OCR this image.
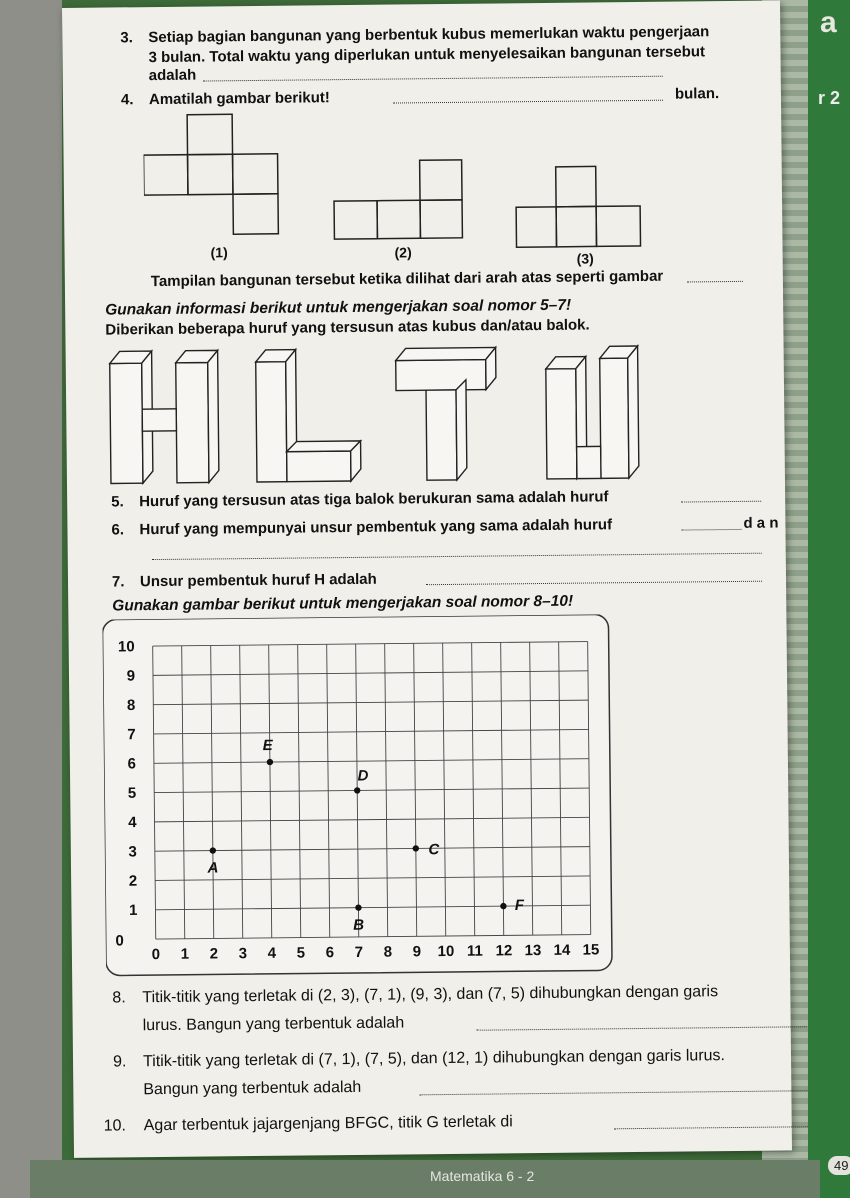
r 2
a
3. Setiap bagian bangunan yang berbentuk kubus memerlukan waktu pengerjaan
3 bulan. Total waktu yang diperlukan untuk menyelesaikan bangunan tersebut
adalah
bulan.
4. Amatilah gambar berikut!
(1)	(2)	(3)
Tampilan bangunan tersebut ketika dilihat dari arah atas seperti gambar
Gunakan informasi berikut untuk mengerjakan soal nomor 5–7!
Diberikan beberapa huruf yang tersusun atas kubus dan/atau balok.
5. Huruf yang tersusun atas tiga balok berukuran sama adalah huruf
6. Huruf yang mempunyai unsur pembentuk yang sama adalah huruf	d a n
7. Unsur pembentuk huruf H adalah
Gunakan gambar berikut untuk mengerjakan soal nomor 8–10!
0 1 2 3 4 5 6 7 8 9 10 11 12 13 14 15
1
2
3
4
5
6
7
8
9
10
0
A
B
C
D
E
F
8. Titik-titik yang terletak di (2, 3), (7, 1), (9, 3), dan (7, 5) dihubungkan dengan garis
lurus. Bangun yang terbentuk adalah
9. Titik-titik yang terletak di (7, 1), (7, 5), dan (12, 1) dihubungkan dengan garis lurus.
Bangun yang terbentuk adalah
10. Agar terbentuk jajargenjang BFGC, titik G terletak di
Matematika 6 - 2
49
